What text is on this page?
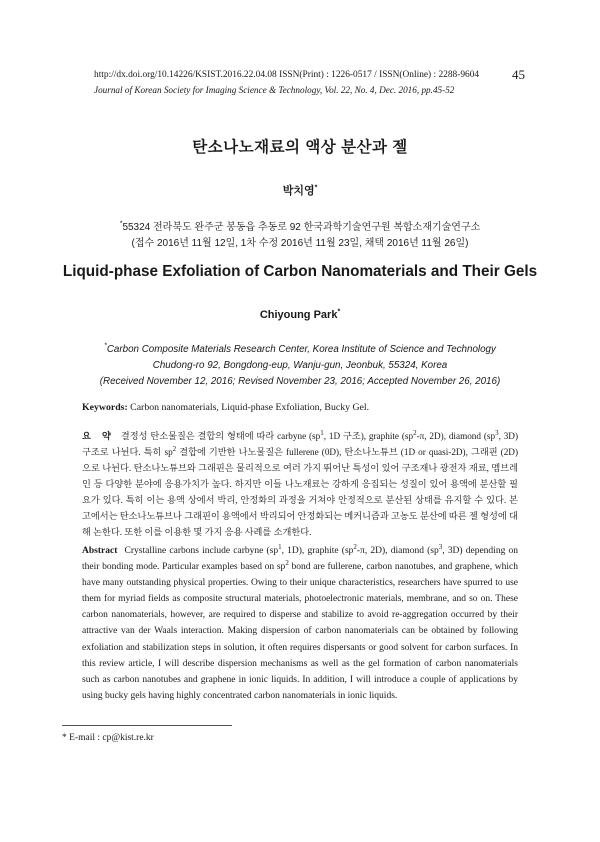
http://dx.doi.org/10.14226/KSIST.2016.22.04.08 ISSN(Print) : 1226-0517 / ISSN(Online) : 2288-9604	45
Journal of Korean Society for Imaging Science & Technology, Vol. 22, No. 4, Dec. 2016, pp.45-52
탄소나노재료의 액상 분산과 젤
박치영*
*55324 전라북도 완주군 봉동읍 추동로 92 한국과학기술연구원 복합소재기술연구소
(접수 2016년 11월 12일, 1차 수정 2016년 11월 23일, 채택 2016년 11월 26일)
Liquid-phase Exfoliation of Carbon Nanomaterials and Their Gels
Chiyoung Park*
*Carbon Composite Materials Research Center, Korea Institute of Science and Technology
Chudong-ro 92, Bongdong-eup, Wanju-gun, Jeonbuk, 55324, Korea
(Received November 12, 2016; Revised November 23, 2016; Accepted November 26, 2016)
Keywords: Carbon nanomaterials, Liquid-phase Exfoliation, Bucky Gel.
요 약 결정성 탄소물질은 결합의 형태에 따라 carbyne ($sp^1$, 1D 구조), graphite ($sp^2-\pi$, 2D), diamond ($sp^3$, 3D) 구조로 나뉜다. 특히 $sp^2$ 결합에 기반한 나노물질은 fullerene (0D), 탄소나노튜브 (1D or quasi-2D), 그래핀 (2D) 으로 나뉜다. 탄소나노튜브와 그래핀은 물리적으로 여러 가지 뛰어난 특성이 있어 구조재나 광전자 재료, 멤브레인 등 다양한 분야에 응용가치가 높다. 하지만 이들 나노재료는 강하게 응집되는 성질이 있어 용액에 분산할 필요가 있다. 특히 이는 용액 상에서 박리, 안정화의 과정을 거쳐야 안정적으로 분산된 상태를 유지할 수 있다. 본 고에서는 탄소나노튜브나 그래핀이 용액에서 박리되어 안정화되는 메커니즘과 고농도 분산에 따른 젤 형성에 대해 논한다. 또한 이를 이용한 몇 가지 응용 사례를 소개한다.
Abstract Crystalline carbons include carbyne ($sp^1$, 1D), graphite ($sp^2-\pi$, 2D), diamond ($sp^3$, 3D) depending on their bonding mode. Particular examples based on $sp^2$ bond are fullerene, carbon nanotubes, and graphene, which have many outstanding physical properties. Owing to their unique characteristics, researchers have spurred to use them for myriad fields as composite structural materials, photoelectronic materials, membrane, and so on. These carbon nanomaterials, however, are required to disperse and stabilize to avoid re-aggregation occurred by their attractive van der Waals interaction. Making dispersion of carbon nanomaterials can be obtained by following exfoliation and stabilization steps in solution, it often requires dispersants or good solvent for carbon surfaces. In this review article, I will describe dispersion mechanisms as well as the gel formation of carbon nanomaterials such as carbon nanotubes and graphene in ionic liquids. In addition, I will introduce a couple of applications by using bucky gels having highly concentrated carbon nanomaterials in ionic liquids.
* E-mail : cp@kist.re.kr
